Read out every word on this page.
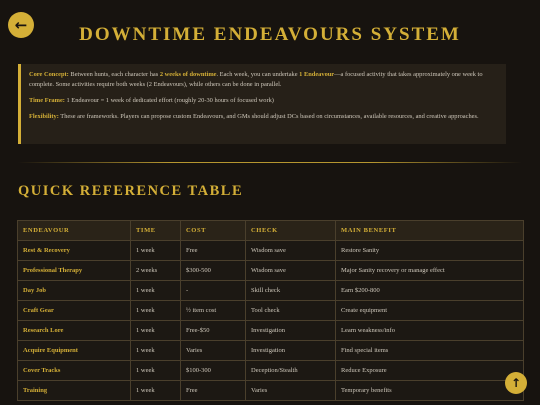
←	DOWNTIME ENDEAVOURS SYSTEM

Core Concept: Between hunts, each character has 2 weeks of downtime. Each week, you can undertake 1 Endeavour—a focused activity that takes approximately one week to complete. Some activities require both weeks (2 Endeavours), while others can be done in parallel.

Time Frame: 1 Endeavour = 1 week of dedicated effort (roughly 20-30 hours of focused work)

Flexibility: These are frameworks. Players can propose custom Endeavours, and GMs should adjust DCs based on circumstances, available resources, and creative approaches.

QUICK REFERENCE TABLE
ENDEAVOUR	TIME	COST	CHECK	MAIN BENEFIT
Rest & Recovery	1 week	Free	Wisdom save	Restore Sanity
Professional Therapy	2 weeks	$300-500	Wisdom save	Major Sanity recovery or manage effect
Day Job	1 week	-	Skill check	Earn $200-800
Craft Gear	1 week	½ item cost	Tool check	Create equipment
Research Lore	1 week	Free-$50	Investigation	Learn weakness/info
Acquire Equipment	1 week	Varies	Investigation	Find special items
Cover Tracks	1 week	$100-300	Deception/Stealth	Reduce Exposure
Training	1 week	Free	Varies	Temporary benefits
↑
